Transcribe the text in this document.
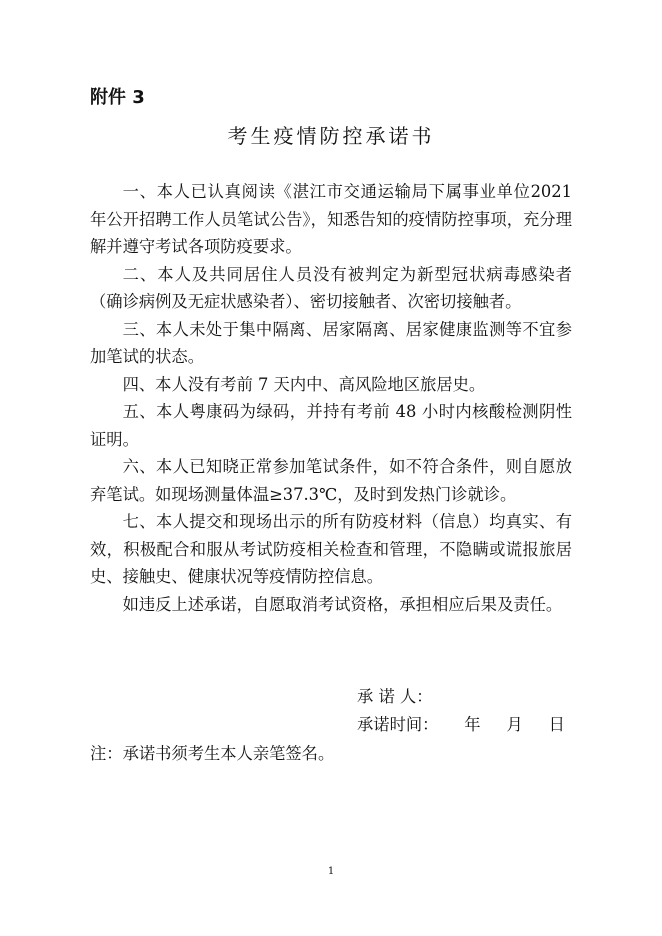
附件 3
考生疫情防控承诺书

一、本人已认真阅读《湛江市交通运输局下属事业单位2021 年公开招聘工作人员笔试公告》，知悉告知的疫情防控事项，充分理解并遵守考试各项防疫要求。

二、本人及共同居住人员没有被判定为新型冠状病毒感染者（确诊病例及无症状感染者）、密切接触者、次密切接触者。

三、本人未处于集中隔离、居家隔离、居家健康监测等不宜参加笔试的状态。

四、本人没有考前 7 天内中、高风险地区旅居史。

五、本人粤康码为绿码，并持有考前 48 小时内核酸检测阴性证明。

六、本人已知晓正常参加笔试条件，如不符合条件，则自愿放弃笔试。如现场测量体温≥37.3℃，及时到发热门诊就诊。

七、本人提交和现场出示的所有防疫材料（信息）均真实、有效，积极配合和服从考试防疫相关检查和管理，不隐瞒或谎报旅居史、接触史、健康状况等疫情防控信息。

如违反上述承诺，自愿取消考试资格，承担相应后果及责任。

承 诺 人：
承诺时间：     年     月     日
注：承诺书须考生本人亲笔签名。
1
